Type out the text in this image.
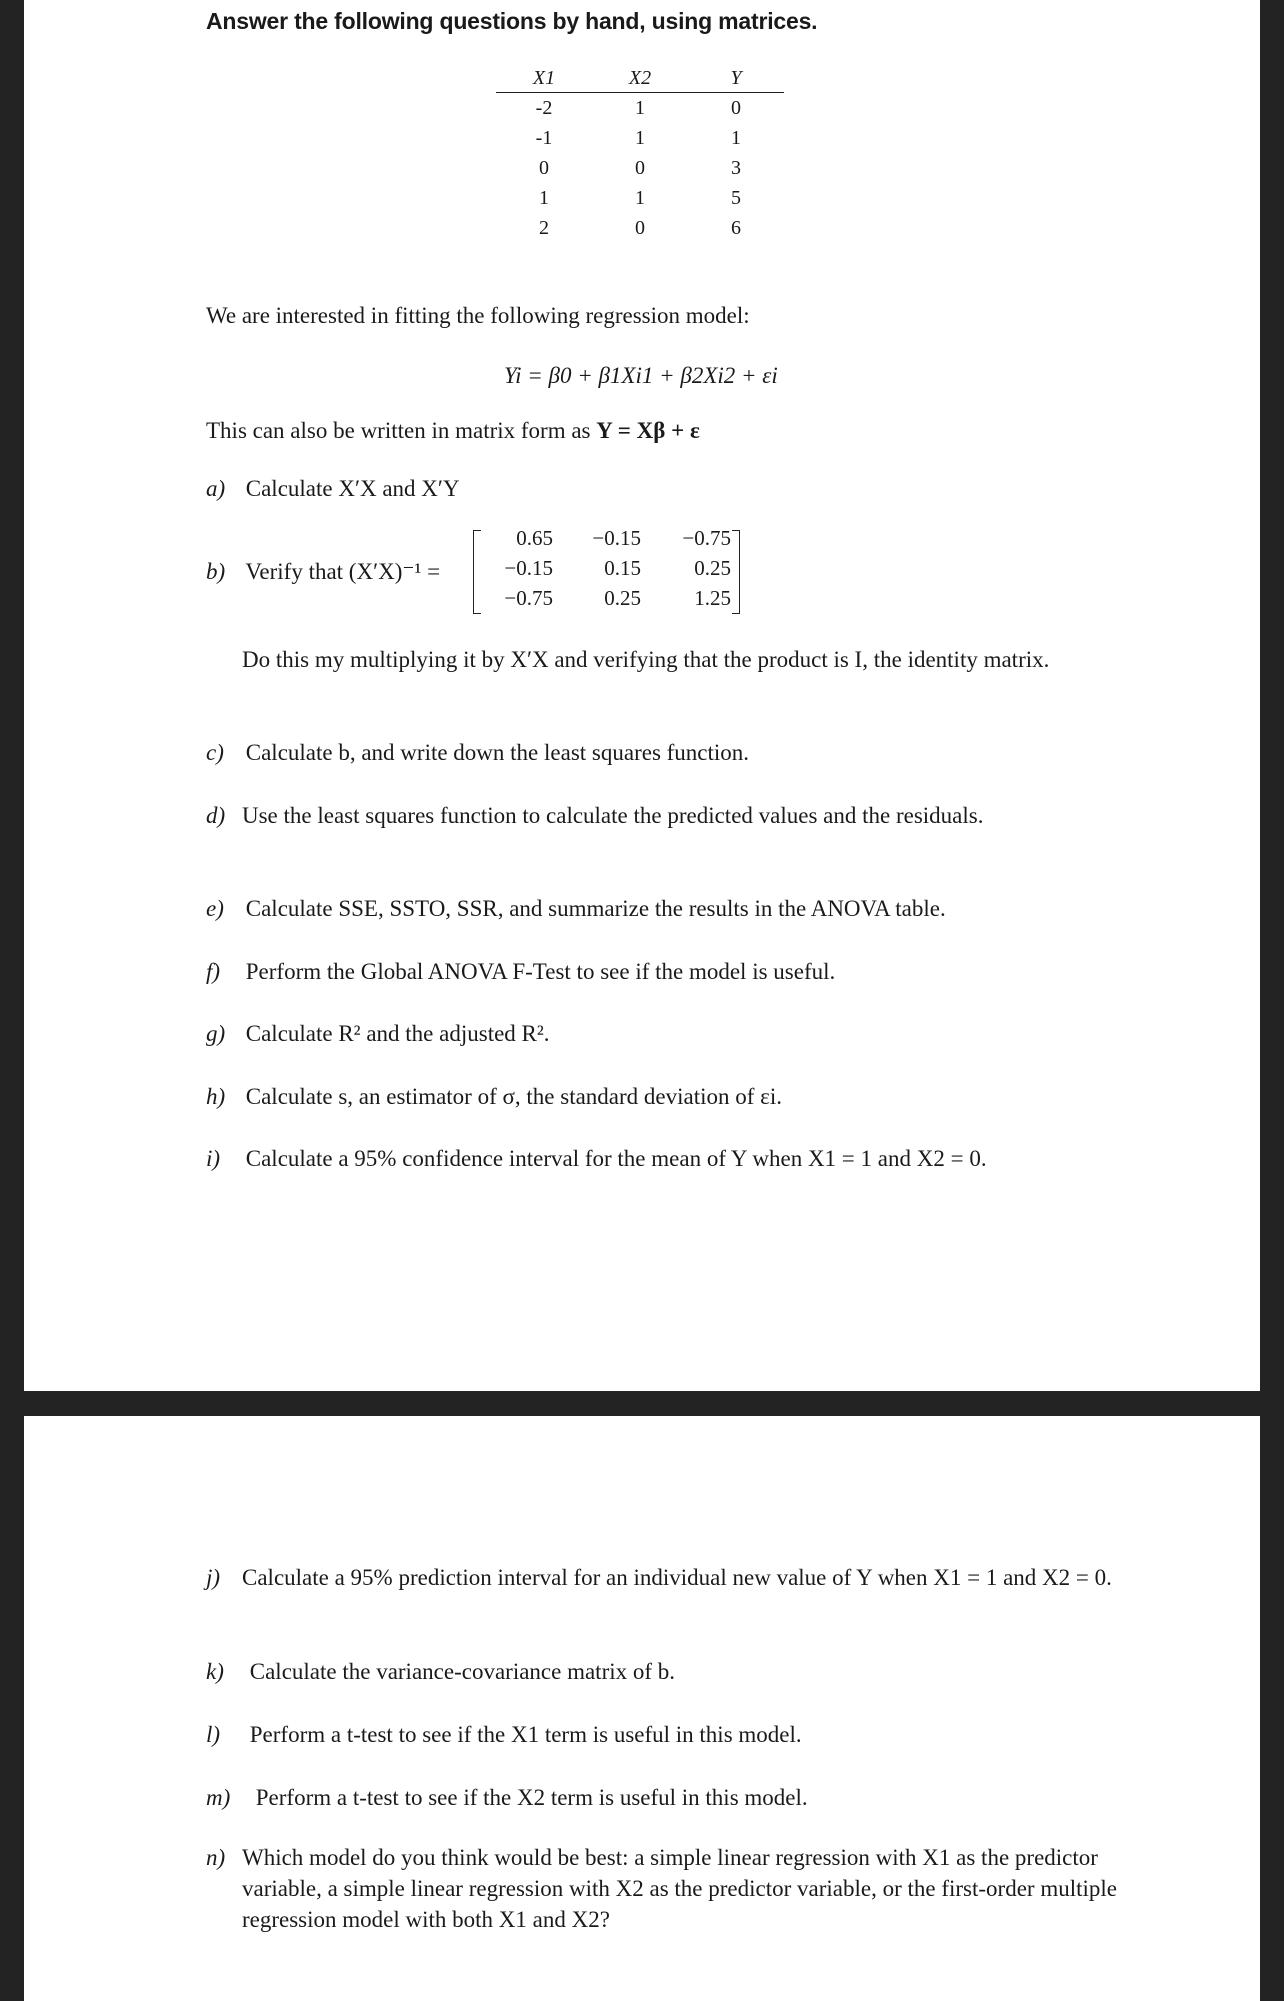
Answer the following questions by hand, using matrices.
X1	X2	Y
-2	1	0
-1	1	1
0	0	3
1	1	5
2	0	6
We are interested in fitting the following regression model:
Yi = β0 + β1Xi1 + β2Xi2 + εi
This can also be written in matrix form as Y = Xβ + ε
a) Calculate X′X and X′Y
b) Verify that (X′X)⁻¹ =
0.65	−0.15	−0.75
−0.15	0.15	0.25
−0.75	0.25	1.25
Do this my multiplying it by X′X and verifying that the product is I, the identity matrix.
c) Calculate b, and write down the least squares function.
d) Use the least squares function to calculate the predicted values and the residuals.
e) Calculate SSE, SSTO, SSR, and summarize the results in the ANOVA table.
f) Perform the Global ANOVA F-Test to see if the model is useful.
g) Calculate R² and the adjusted R².
h) Calculate s, an estimator of σ, the standard deviation of εi.
i) Calculate a 95% confidence interval for the mean of Y when X1 = 1 and X2 = 0.
j) Calculate a 95% prediction interval for an individual new value of Y when X1 = 1 and X2 = 0.
k) Calculate the variance-covariance matrix of b.
l) Perform a t-test to see if the X1 term is useful in this model.
m) Perform a t-test to see if the X2 term is useful in this model.
n) Which model do you think would be best: a simple linear regression with X1 as the predictor variable, a simple linear regression with X2 as the predictor variable, or the first-order multiple regression model with both X1 and X2?
